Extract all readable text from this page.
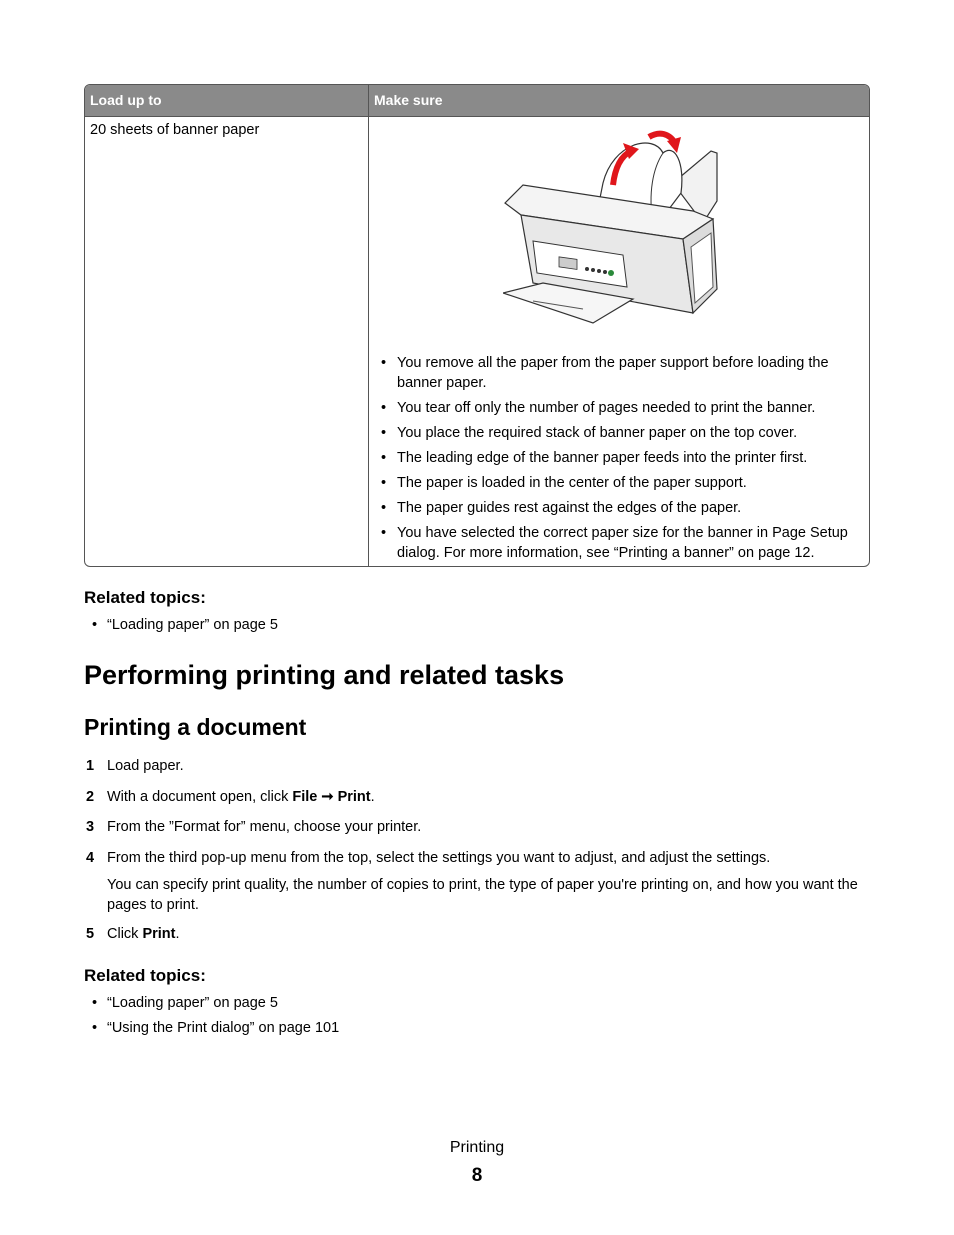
Load up to	Make sure
20 sheets of banner paper
• You remove all the paper from the paper support before loading the banner paper.
• You tear off only the number of pages needed to print the banner.
• You place the required stack of banner paper on the top cover.
• The leading edge of the banner paper feeds into the printer first.
• The paper is loaded in the center of the paper support.
• The paper guides rest against the edges of the paper.
• You have selected the correct paper size for the banner in Page Setup dialog. For more information, see “Printing a banner” on page 12.
Related topics:
• “Loading paper” on page 5
Performing printing and related tasks
Printing a document
1 Load paper.
2 With a document open, click File ➞ Print.
3 From the ”Format for” menu, choose your printer.
4 From the third pop-up menu from the top, select the settings you want to adjust, and adjust the settings.
You can specify print quality, the number of copies to print, the type of paper you're printing on, and how you want the pages to print.
5 Click Print.
Related topics:
• “Loading paper” on page 5
• “Using the Print dialog” on page 101
Printing
8
